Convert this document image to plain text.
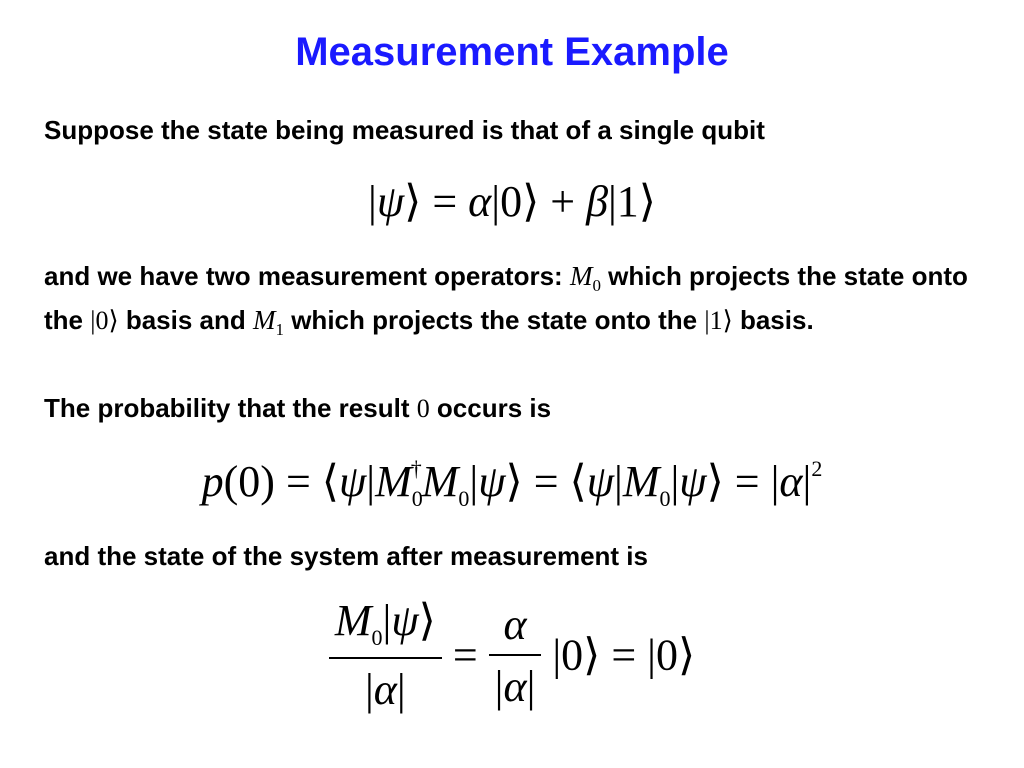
Measurement Example

Suppose the state being measured is that of a single qubit

|ψ⟩ = α|0⟩ + β|1⟩

and we have two measurement operators: $M_0$ which projects the state onto the |0⟩ basis and $M_1$ which projects the state onto the |1⟩ basis.

The probability that the result 0 occurs is

$p(0) = ⟨\psi|M_0^\dagger M_0|\psi⟩$ = $⟨\psi|M_0|\psi⟩ = |\alpha|^2$

and the state of the system after measurement is

$\frac{M_0|\psi⟩}{|\alpha|} = \frac{\alpha}{|\alpha|}$ |0⟩ = |0⟩
